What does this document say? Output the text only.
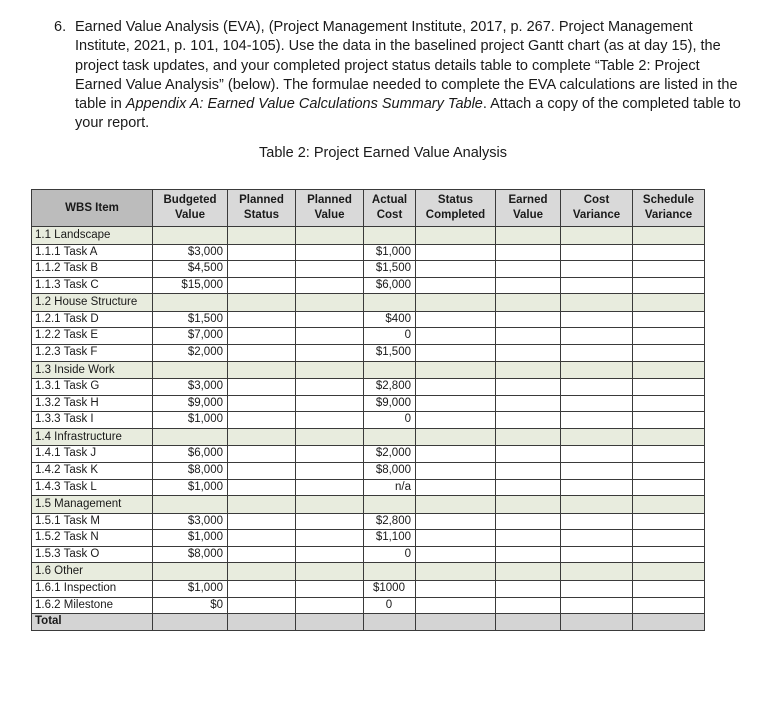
6. Earned Value Analysis (EVA), (Project Management Institute, 2017, p. 267. Project Management Institute, 2021, p. 101, 104-105). Use the data in the baselined project Gantt chart (as at day 15), the project task updates, and your completed project status details table to complete “Table 2: Project Earned Value Analysis” (below). The formulae needed to complete the EVA calculations are listed in the table in Appendix A: Earned Value Calculations Summary Table. Attach a copy of the completed table to your report.
Table 2: Project Earned Value Analysis
WBS Item	Budgeted Value	Planned Status	Planned Value	Actual Cost	Status Completed	Earned Value	Cost Variance	Schedule Variance
1.1 Landscape								
1.1.1 Task A	$3,000			$1,000				
1.1.2 Task B	$4,500			$1,500				
1.1.3 Task C	$15,000			$6,000				
1.2 House Structure								
1.2.1 Task D	$1,500			$400				
1.2.2 Task E	$7,000			0				
1.2.3 Task F	$2,000			$1,500				
1.3 Inside Work								
1.3.1 Task G	$3,000			$2,800				
1.3.2 Task H	$9,000			$9,000				
1.3.3 Task I	$1,000			0				
1.4 Infrastructure								
1.4.1 Task J	$6,000			$2,000				
1.4.2 Task K	$8,000			$8,000				
1.4.3 Task L	$1,000			n/a				
1.5 Management								
1.5.1 Task M	$3,000			$2,800				
1.5.2 Task N	$1,000			$1,100				
1.5.3 Task O	$8,000			0				
1.6 Other								
1.6.1 Inspection	$1,000			$1000				
1.6.2 Milestone	$0			0				
Total								
